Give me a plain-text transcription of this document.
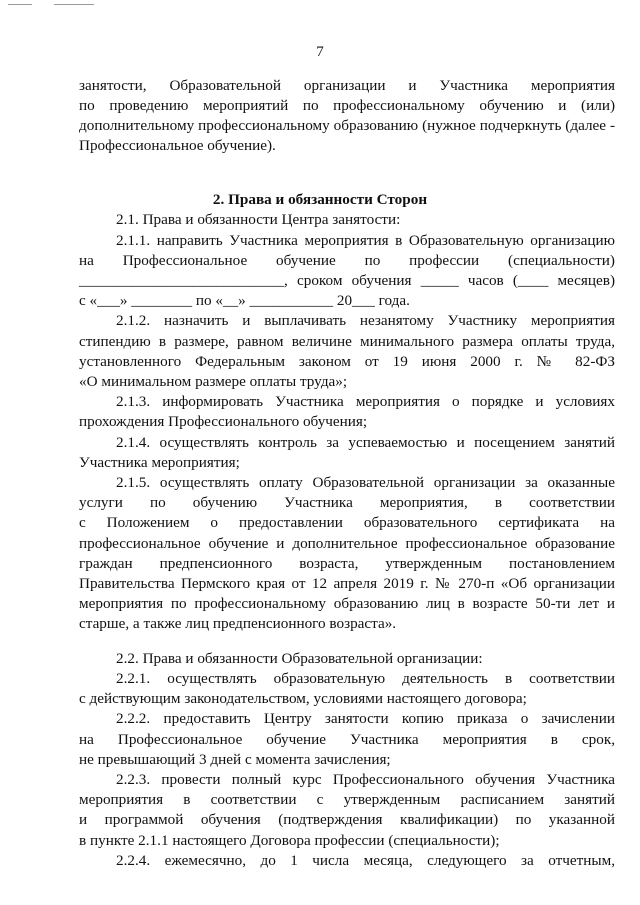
7
занятости, Образовательной организации и Участника мероприятия
по проведению мероприятий по профессиональному обучению и (или)
дополнительному профессиональному образованию (нужное подчеркнуть (далее -
Профессиональное обучение).
2. Права и обязанности Сторон
2.1. Права и обязанности Центра занятости:
2.1.1. направить Участника мероприятия в Образовательную организацию
на Профессиональное обучение по профессии (специальности)
___________________________, сроком обучения _____ часов (____ месяцев)
с «___» ________ по «__» ___________ 20___ года.
2.1.2. назначить и выплачивать незанятому Участнику мероприятия
стипендию в размере, равном величине минимального размера оплаты труда,
установленного Федеральным законом от 19 июня 2000 г. № 82-ФЗ
«О минимальном размере оплаты труда»;
2.1.3. информировать Участника мероприятия о порядке и условиях
прохождения Профессионального обучения;
2.1.4. осуществлять контроль за успеваемостью и посещением занятий
Участника мероприятия;
2.1.5. осуществлять оплату Образовательной организации за оказанные
услуги по обучению Участника мероприятия, в соответствии
с Положением о предоставлении образовательного сертификата на
профессиональное обучение и дополнительное профессиональное образование
граждан предпенсионного возраста, утвержденным постановлением
Правительства Пермского края от 12 апреля 2019 г. № 270-п «Об организации
мероприятия по профессиональному образованию лиц в возрасте 50-ти лет и
старше, а также лиц предпенсионного возраста».
2.2. Права и обязанности Образовательной организации:
2.2.1. осуществлять образовательную деятельность в соответствии
с действующим законодательством, условиями настоящего договора;
2.2.2. предоставить Центру занятости копию приказа о зачислении
на Профессиональное обучение Участника мероприятия в срок,
не превышающий 3 дней с момента зачисления;
2.2.3. провести полный курс Профессионального обучения Участника
мероприятия в соответствии с утвержденным расписанием занятий
и программой обучения (подтверждения квалификации) по указанной
в пункте 2.1.1 настоящего Договора профессии (специальности);
2.2.4. ежемесячно, до 1 числа месяца, следующего за отчетным,
